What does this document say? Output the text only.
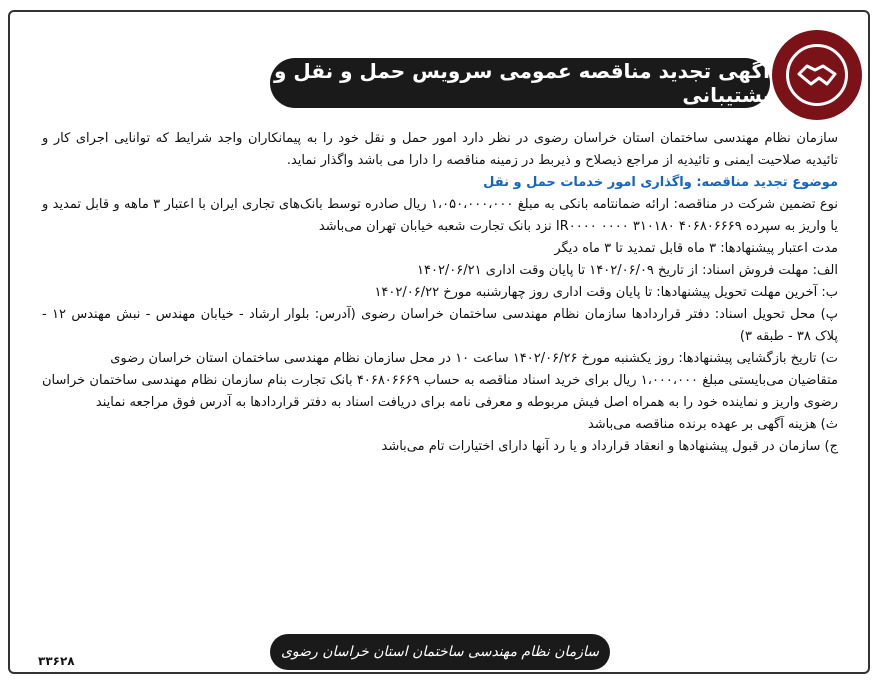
آگهی تجدید مناقصه عمومی سرویس حمل و نقل و پشتیبانی

سازمان نظام مهندسی ساختمان استان خراسان رضوی در نظر دارد امور حمل و نقل خود را به پیمانکاران واجد شرایط که توانایی اجرای کار و تائیدیه صلاحیت ایمنی و تائیدیه از مراجع ذیصلاح و ذیربط در زمینه مناقصه را دارا می باشد واگذار نماید.

موضوع تجدید مناقصه: واگذاری امور خدمات حمل و نقل

نوع تضمین شرکت در مناقصه: ارائه ضمانتامه بانکی به مبلغ ۱،۰۵۰،۰۰۰،۰۰۰ ریال صادره توسط بانک‌های تجاری ایران با اعتبار ۳ ماهه و قابل تمدید و یا واریز به سپرده ۴۰۶۸۰۶۶۶۹ IR۰۰۰۰ ۰۰۰۰ ۳۱۰۱۸۰ نزد بانک تجارت شعبه خیابان تهران می‌باشد

مدت اعتبار پیشنهادها: ۳ ماه قابل تمدید تا ۳ ماه دیگر

الف: مهلت فروش اسناد: از تاریخ ۱۴۰۲/۰۶/۰۹ تا پایان وقت اداری ۱۴۰۲/۰۶/۲۱

ب: آخرین مهلت تحویل پیشنهادها: تا پایان وقت اداری روز چهارشنبه مورخ ۱۴۰۲/۰۶/۲۲

پ) محل تحویل اسناد: دفتر قراردادها سازمان نظام مهندسی ساختمان خراسان رضوی (آدرس: بلوار ارشاد - خیابان مهندس - نبش مهندس ۱۲ - پلاک ۳۸ - طبقه ۳)

ت) تاریخ بازگشایی پیشنهادها: روز یکشنبه مورخ ۱۴۰۲/۰۶/۲۶ ساعت ۱۰ در محل سازمان نظام مهندسی ساختمان استان خراسان رضوی

متقاضیان می‌بایستی مبلغ ۱،۰۰۰،۰۰۰ ریال برای خرید اسناد مناقصه به حساب ۴۰۶۸۰۶۶۶۹ بانک تجارت بنام سازمان نظام مهندسی ساختمان خراسان رضوی واریز و نماینده خود را به همراه اصل فیش مربوطه و معرفی نامه برای دریافت اسناد به دفتر قراردادها به آدرس فوق مراجعه نمایند

ث) هزینه آگهی بر عهده برنده مناقصه می‌باشد

ج) سازمان در قبول پیشنهادها و انعقاد قرارداد و یا رد آنها دارای اختیارات تام می‌باشد

سازمان نظام مهندسی ساختمان استان خراسان رضوی
۳۳۶۲۸
